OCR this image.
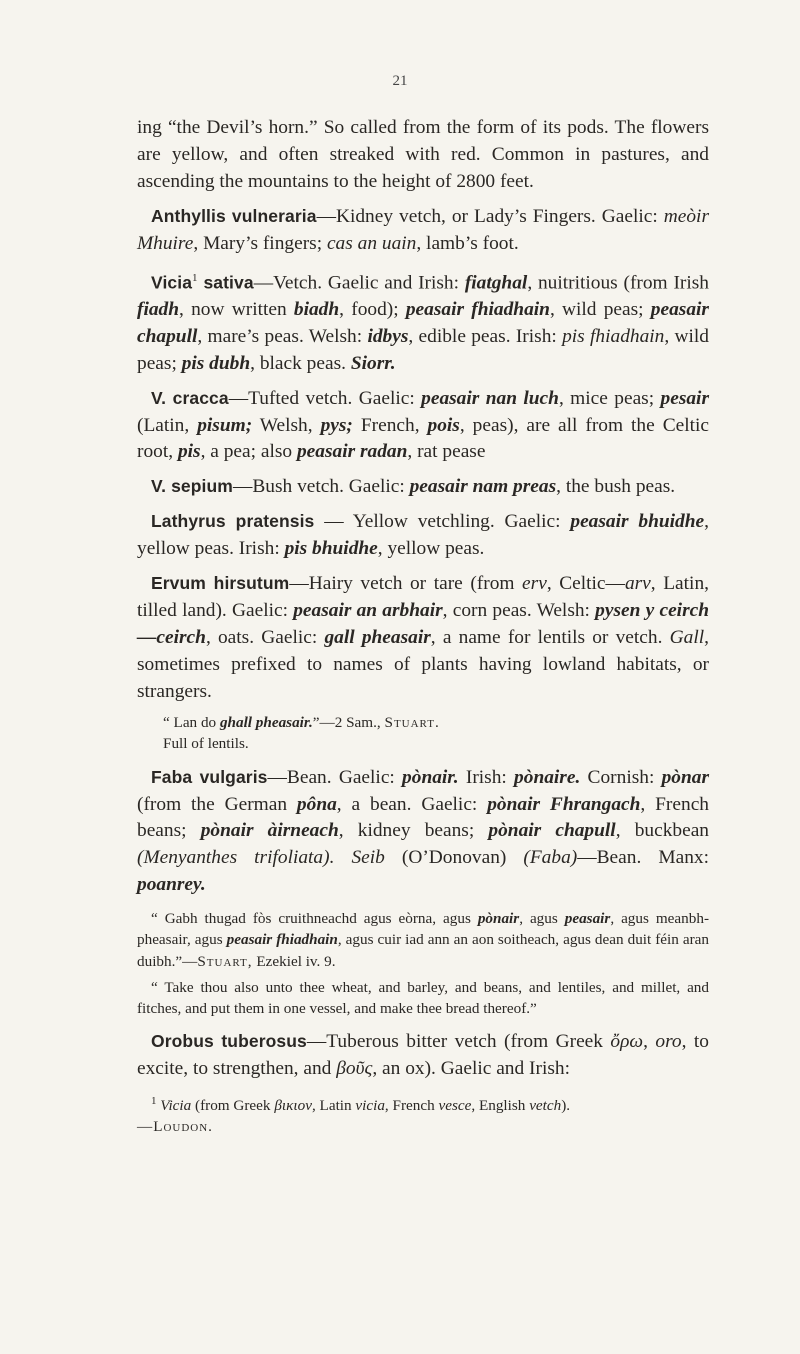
21

ing “the Devil’s horn.” So called from the form of its pods. The flowers are yellow, and often streaked with red. Common in pastures, and ascending the mountains to the height of 2800 feet.

Anthyllis vulneraria—Kidney vetch, or Lady’s Fingers. Gaelic: meòir Mhuire, Mary’s fingers; cas an uain, lamb’s foot.

Vicia$^1$ sativa—Vetch. Gaelic and Irish: fiatghal, nuitritious (from Irish fiadh, now written biadh, food); peasair fhiadhain, wild peas; peasair chapull, mare’s peas. Welsh: idbys, edible peas. Irish: pis fhiadhain, wild peas; pis dubh, black peas. Siorr.

V. cracca—Tufted vetch. Gaelic: peasair nan luch, mice peas; pesair (Latin, pisum; Welsh, pys; French, pois, peas), are all from the Celtic root, pis, a pea; also peasair radan, rat pease

V. sepium—Bush vetch. Gaelic: peasair nam preas, the bush peas.

Lathyrus pratensis — Yellow vetchling. Gaelic: peasair bhuidhe, yellow peas. Irish: pis bhuidhe, yellow peas.

Ervum hirsutum—Hairy vetch or tare (from erv, Celtic—arv, Latin, tilled land). Gaelic: peasair an arbhair, corn peas. Welsh: pysen y ceirch—ceirch, oats. Gaelic: gall pheasair, a name for lentils or vetch. Gall, sometimes prefixed to names of plants having lowland habitats, or strangers.

“ Lan do ghall pheasair.”—2 Sam., Stuart.
Full of lentils.

Faba vulgaris—Bean. Gaelic: pònair. Irish: pònaire. Cornish: pònar (from the German pôna, a bean. Gaelic: pònair Fhrangach, French beans; pònair àirneach, kidney beans; pònair chapull, buckbean (Menyanthes trifoliata). Seib (O’Donovan) (Faba)—Bean. Manx: poanrey.

“ Gabh thugad fòs cruithneachd agus eòrna, agus pònair, agus peasair, agus meanbh-pheasair, agus peasair fhiadhain, agus cuir iad ann an aon soitheach, agus dean duit féin aran duibh.”—Stuart, Ezekiel iv. 9.

“ Take thou also unto thee wheat, and barley, and beans, and lentiles, and millet, and fitches, and put them in one vessel, and make thee bread thereof.”

Orobus tuberosus—Tuberous bitter vetch (from Greek ὄρω, oro, to excite, to strengthen, and βοῦς, an ox). Gaelic and Irish:

$^1$ Vicia (from Greek βικιον, Latin vicia, French vesce, English vetch).
—Loudon.
